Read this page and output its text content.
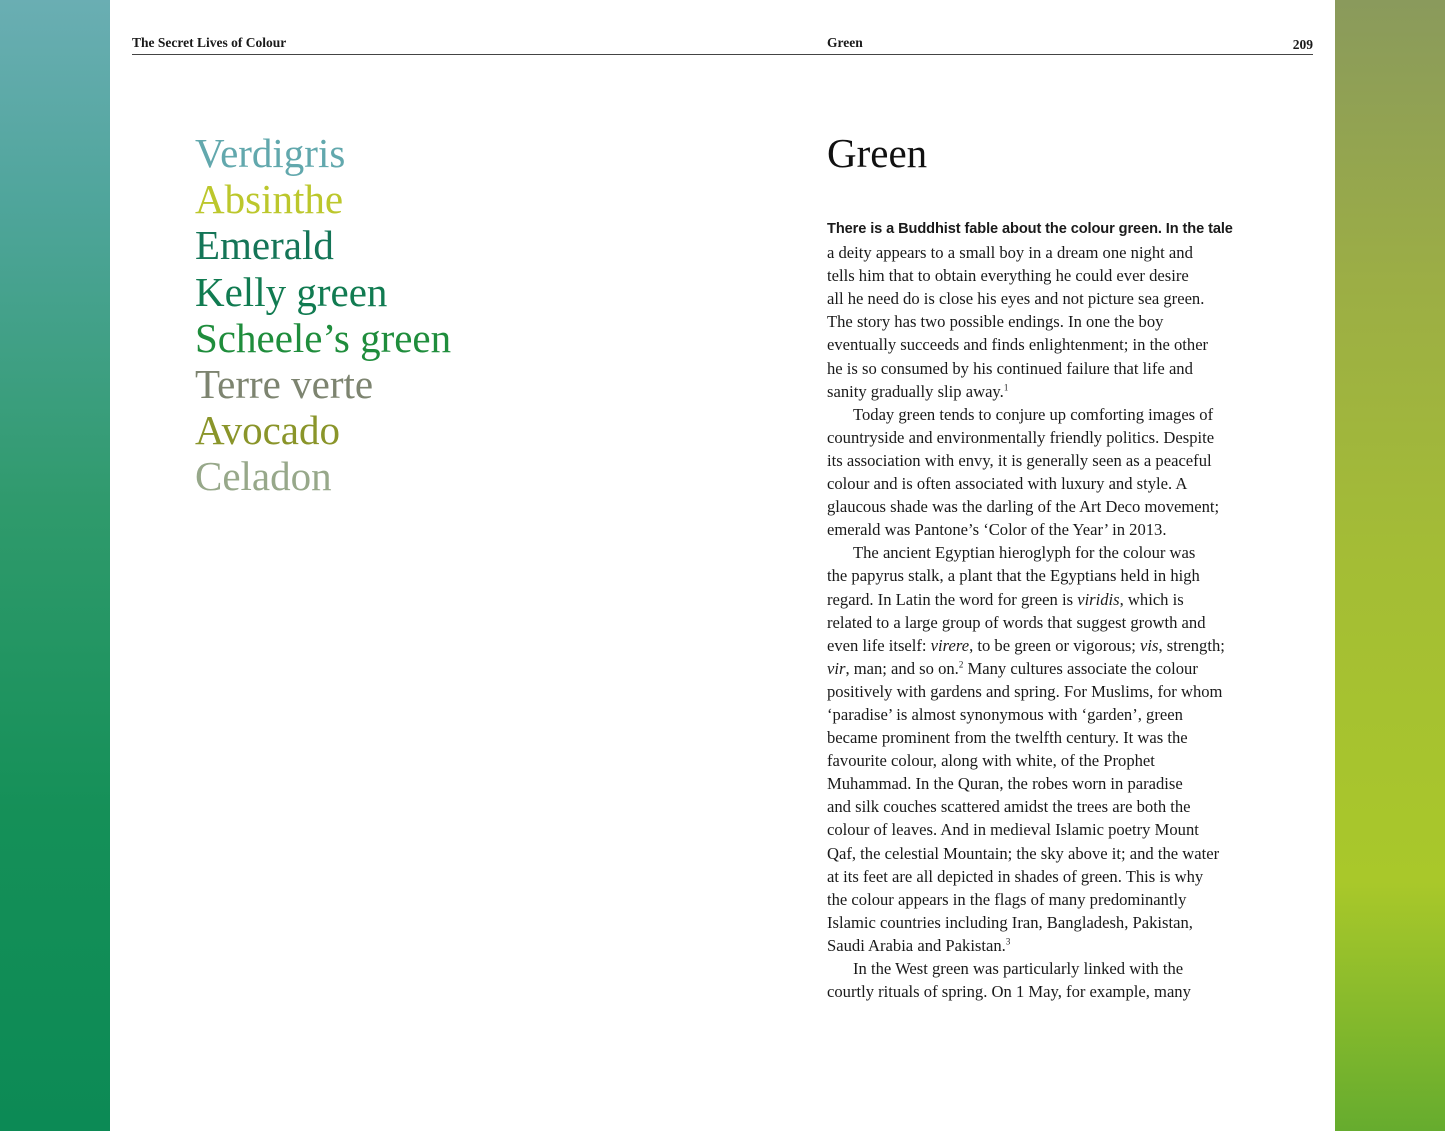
The Secret Lives of Colour	Green	209
Verdigris
Absinthe
Emerald
Kelly green
Scheele’s green
Terre verte
Avocado
Celadon
Green
There is a Buddhist fable about the colour green. In the tale
a deity appears to a small boy in a dream one night and
tells him that to obtain everything he could ever desire
all he need do is close his eyes and not picture sea green.
The story has two possible endings. In one the boy
eventually succeeds and finds enlightenment; in the other
he is so consumed by his continued failure that life and
sanity gradually slip away.$^1$
Today green tends to conjure up comforting images of
countryside and environmentally friendly politics. Despite
its association with envy, it is generally seen as a peaceful
colour and is often associated with luxury and style. A
glaucous shade was the darling of the Art Deco movement;
emerald was Pantone’s ‘Color of the Year’ in 2013.
The ancient Egyptian hieroglyph for the colour was
the papyrus stalk, a plant that the Egyptians held in high
regard. In Latin the word for green is viridis, which is
related to a large group of words that suggest growth and
even life itself: virere, to be green or vigorous; vis, strength;
vir, man; and so on.$^2$ Many cultures associate the colour
positively with gardens and spring. For Muslims, for whom
‘paradise’ is almost synonymous with ‘garden’, green
became prominent from the twelfth century. It was the
favourite colour, along with white, of the Prophet
Muhammad. In the Quran, the robes worn in paradise
and silk couches scattered amidst the trees are both the
colour of leaves. And in medieval Islamic poetry Mount
Qaf, the celestial Mountain; the sky above it; and the water
at its feet are all depicted in shades of green. This is why
the colour appears in the flags of many predominantly
Islamic countries including Iran, Bangladesh, Pakistan,
Saudi Arabia and Pakistan.$^3$
In the West green was particularly linked with the
courtly rituals of spring. On 1 May, for example, many
